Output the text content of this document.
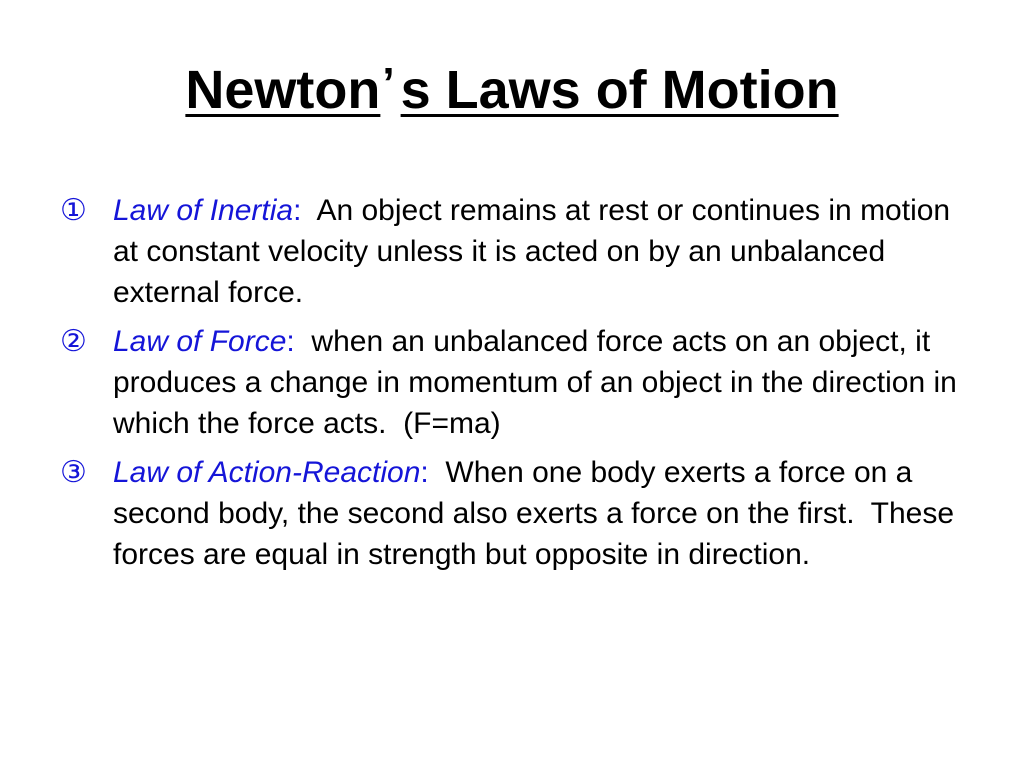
Newton’ s Laws of Motion
① Law of Inertia:  An object remains at rest or continues in motion at constant velocity unless it is acted on by an unbalanced external force.
② Law of Force:  when an unbalanced force acts on an object, it produces a change in momentum of an object in the direction in which the force acts.  (F=ma)
③ Law of Action-Reaction:  When one body exerts a force on a second body, the second also exerts a force on the first.  These forces are equal in strength but opposite in direction.
